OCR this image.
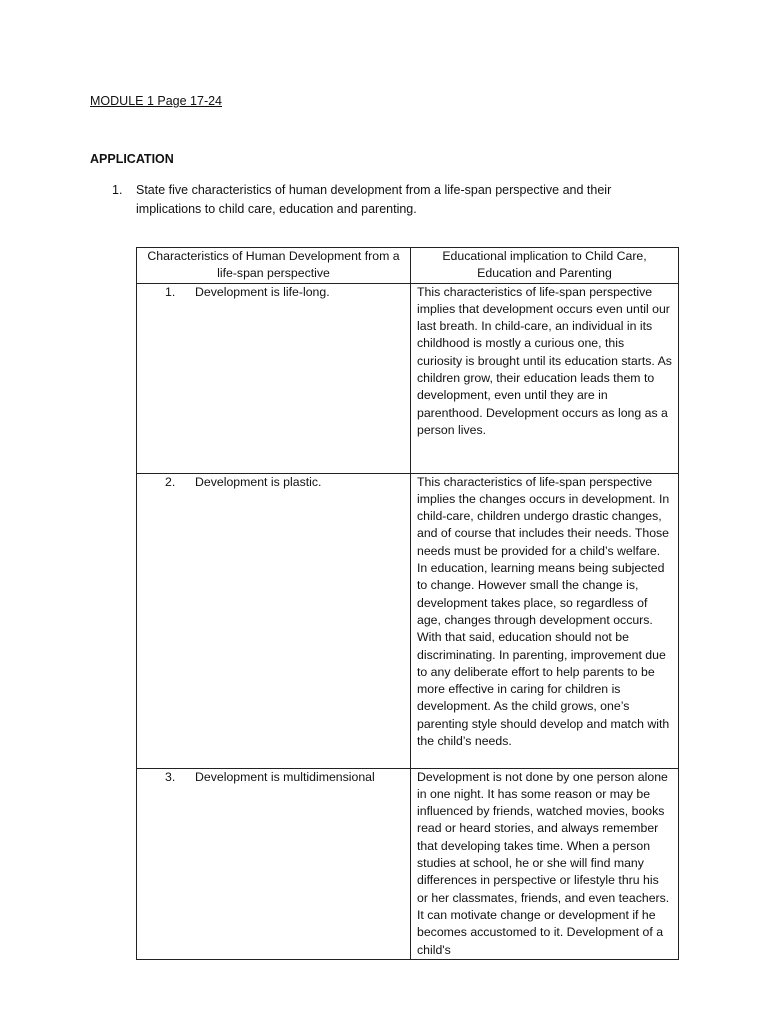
MODULE 1 Page 17-24
APPLICATION
1. State five characteristics of human development from a life-span perspective and their implications to child care, education and parenting.
Characteristics of Human Development from a life-span perspective	Educational implication to Child Care, Education and Parenting

1. Development is life-long.	This characteristics of life-span perspective implies that development occurs even until our last breath. In child-care, an individual in its childhood is mostly a curious one, this curiosity is brought until its education starts. As children grow, their education leads them to development, even until they are in parenthood. Development occurs as long as a person lives.

2. Development is plastic.	This characteristics of life-span perspective implies the changes occurs in development. In child-care, children undergo drastic changes, and of course that includes their needs. Those needs must be provided for a child’s welfare. In education, learning means being subjected to change. However small the change is, development takes place, so regardless of age, changes through development occurs. With that said, education should not be discriminating. In parenting, improvement due to any deliberate effort to help parents to be more effective in caring for children is development. As the child grows, one’s parenting style should develop and match with the child’s needs.

3. Development is multidimensional	Development is not done by one person alone in one night. It has some reason or may be influenced by friends, watched movies, books read or heard stories, and always remember that developing takes time. When a person studies at school, he or she will find many differences in perspective or lifestyle thru his or her classmates, friends, and even teachers. It can motivate change or development if he becomes accustomed to it. Development of a child's
